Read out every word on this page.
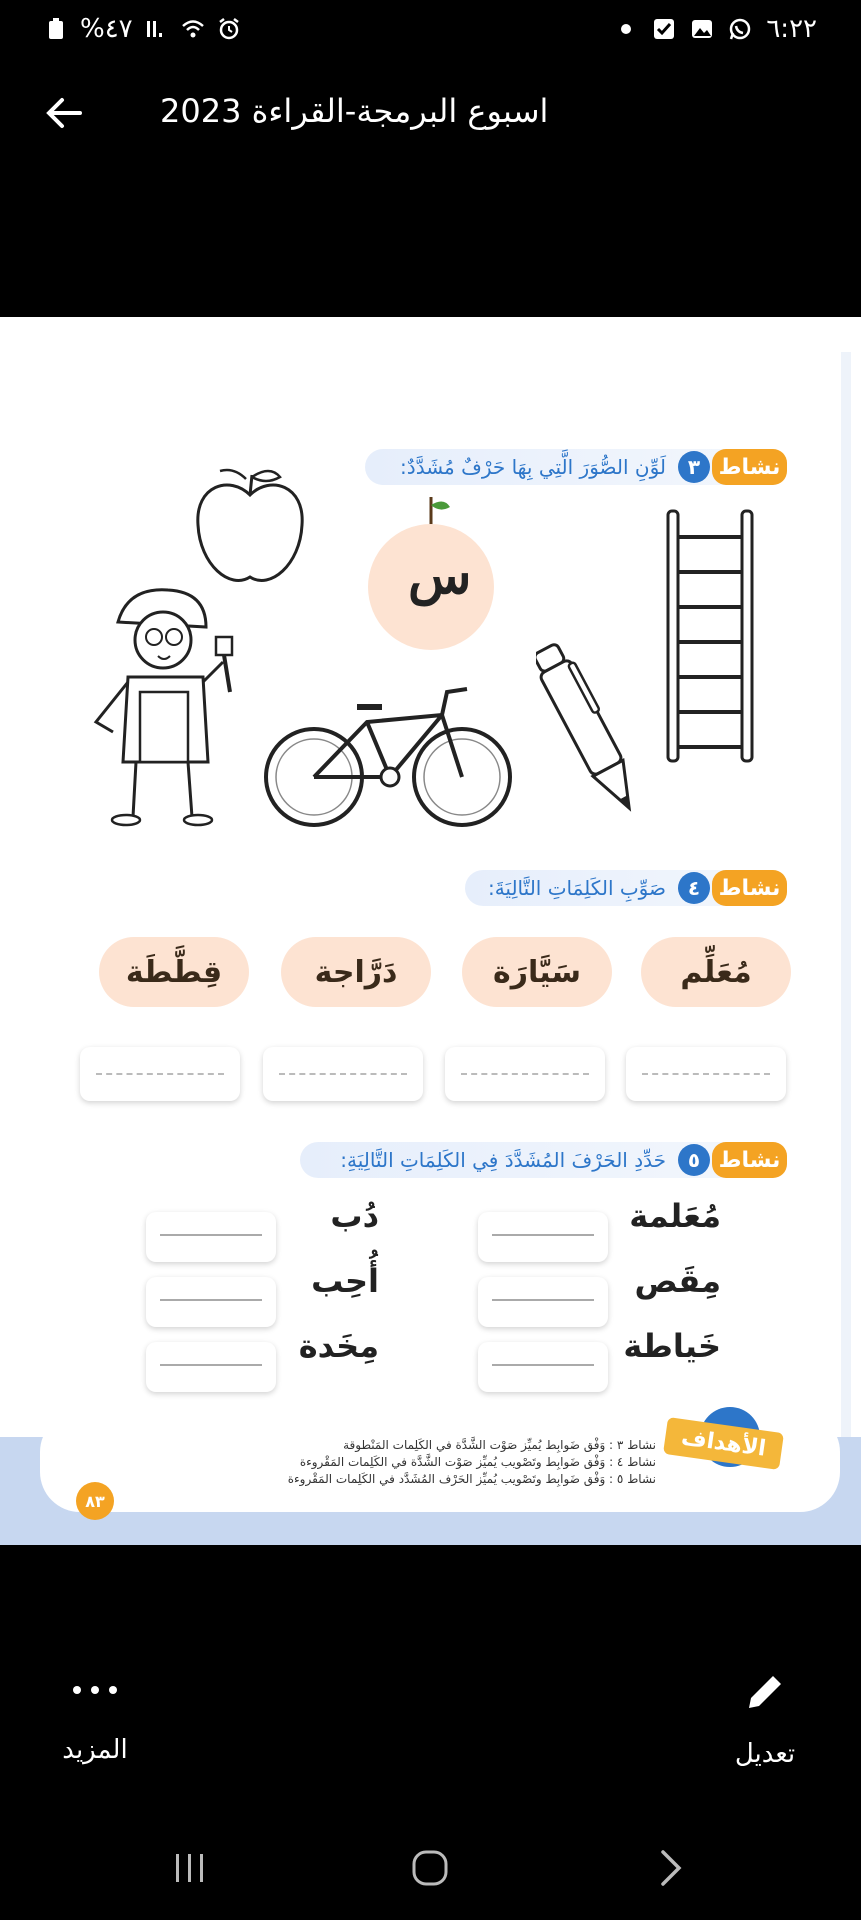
%٤٧	٦:٢٢
اسبوع البرمجة-القراءة 2023
نشاط
٣
لَوِّنِ الصُّوَرَ الَّتِي بِهَا حَرْفٌ مُشَدَّدٌ:
س
نشاط
٤
صَوِّبِ الكَلِمَاتِ التَّالِيَةَ:
مُعَلِّم
سَيَّارَة
دَرَّاجة
قِطَّطَة
نشاط
٥
حَدِّدِ الحَرْفَ المُشَدَّدَ فِي الكَلِمَاتِ التَّالِيَةِ:
مُعَلمة
مِقَص
خَياطة
دُب
أُحِب
مِخَدة
الأهداف
نشاط ٣ : وَفْق ضَوابِط يُميِّز صَوْت الشَّدَّة في الكَلِمات المَنْطوقة
نشاط ٤ : وَفْق ضَوابِط وتَصْويب يُميِّز صَوْت الشَّدَّة في الكَلِمات المَقْروءة
نشاط ٥ : وَفْق ضَوابِط وتَصْويب يُميِّز الحَرْف المُشَدَّد في الكَلِمات المَقْروءة
٨٣
المزيد	تعديل
